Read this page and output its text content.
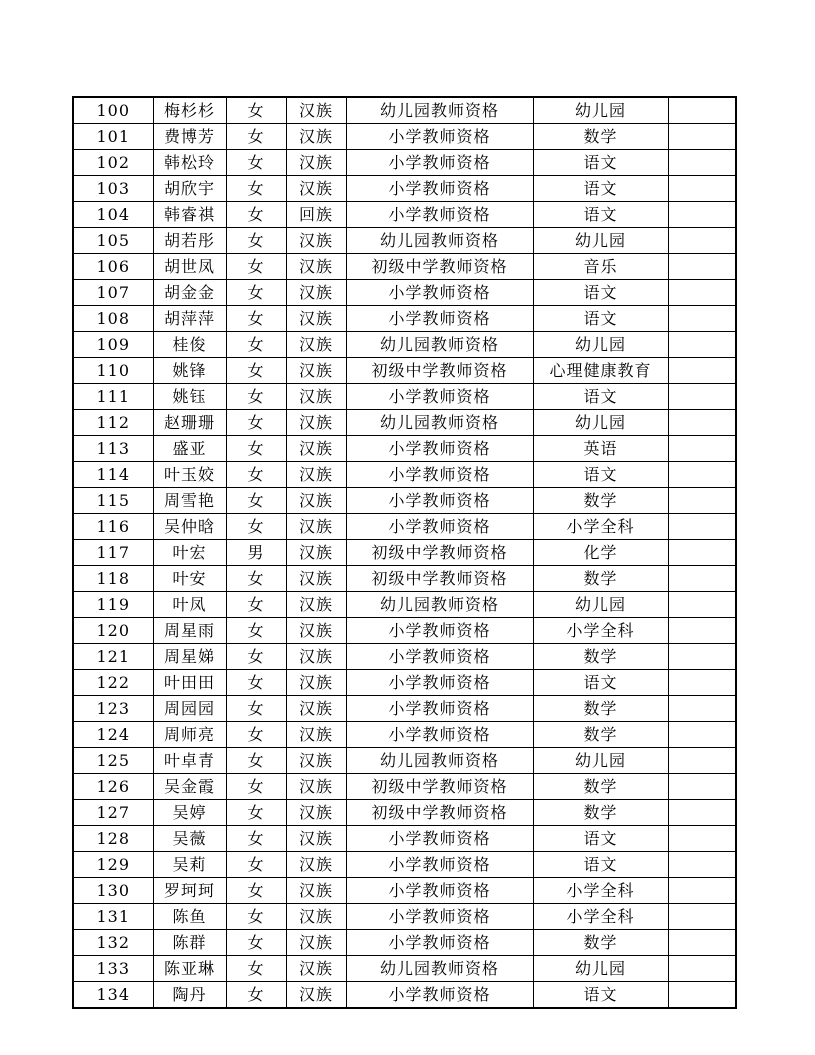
100	梅杉杉	女	汉族	幼儿园教师资格	幼儿园	
101	费博芳	女	汉族	小学教师资格	数学	
102	韩松玲	女	汉族	小学教师资格	语文	
103	胡欣宇	女	汉族	小学教师资格	语文	
104	韩睿祺	女	回族	小学教师资格	语文	
105	胡若彤	女	汉族	幼儿园教师资格	幼儿园	
106	胡世凤	女	汉族	初级中学教师资格	音乐	
107	胡金金	女	汉族	小学教师资格	语文	
108	胡萍萍	女	汉族	小学教师资格	语文	
109	桂俊	女	汉族	幼儿园教师资格	幼儿园	
110	姚锋	女	汉族	初级中学教师资格	心理健康教育	
111	姚钰	女	汉族	小学教师资格	语文	
112	赵珊珊	女	汉族	幼儿园教师资格	幼儿园	
113	盛亚	女	汉族	小学教师资格	英语	
114	叶玉姣	女	汉族	小学教师资格	语文	
115	周雪艳	女	汉族	小学教师资格	数学	
116	吴仲晗	女	汉族	小学教师资格	小学全科	
117	叶宏	男	汉族	初级中学教师资格	化学	
118	叶安	女	汉族	初级中学教师资格	数学	
119	叶凤	女	汉族	幼儿园教师资格	幼儿园	
120	周星雨	女	汉族	小学教师资格	小学全科	
121	周星娣	女	汉族	小学教师资格	数学	
122	叶田田	女	汉族	小学教师资格	语文	
123	周园园	女	汉族	小学教师资格	数学	
124	周师亮	女	汉族	小学教师资格	数学	
125	叶卓青	女	汉族	幼儿园教师资格	幼儿园	
126	吴金霞	女	汉族	初级中学教师资格	数学	
127	吴婷	女	汉族	初级中学教师资格	数学	
128	吴薇	女	汉族	小学教师资格	语文	
129	吴莉	女	汉族	小学教师资格	语文	
130	罗珂珂	女	汉族	小学教师资格	小学全科	
131	陈鱼	女	汉族	小学教师资格	小学全科	
132	陈群	女	汉族	小学教师资格	数学	
133	陈亚琳	女	汉族	幼儿园教师资格	幼儿园	
134	陶丹	女	汉族	小学教师资格	语文	
